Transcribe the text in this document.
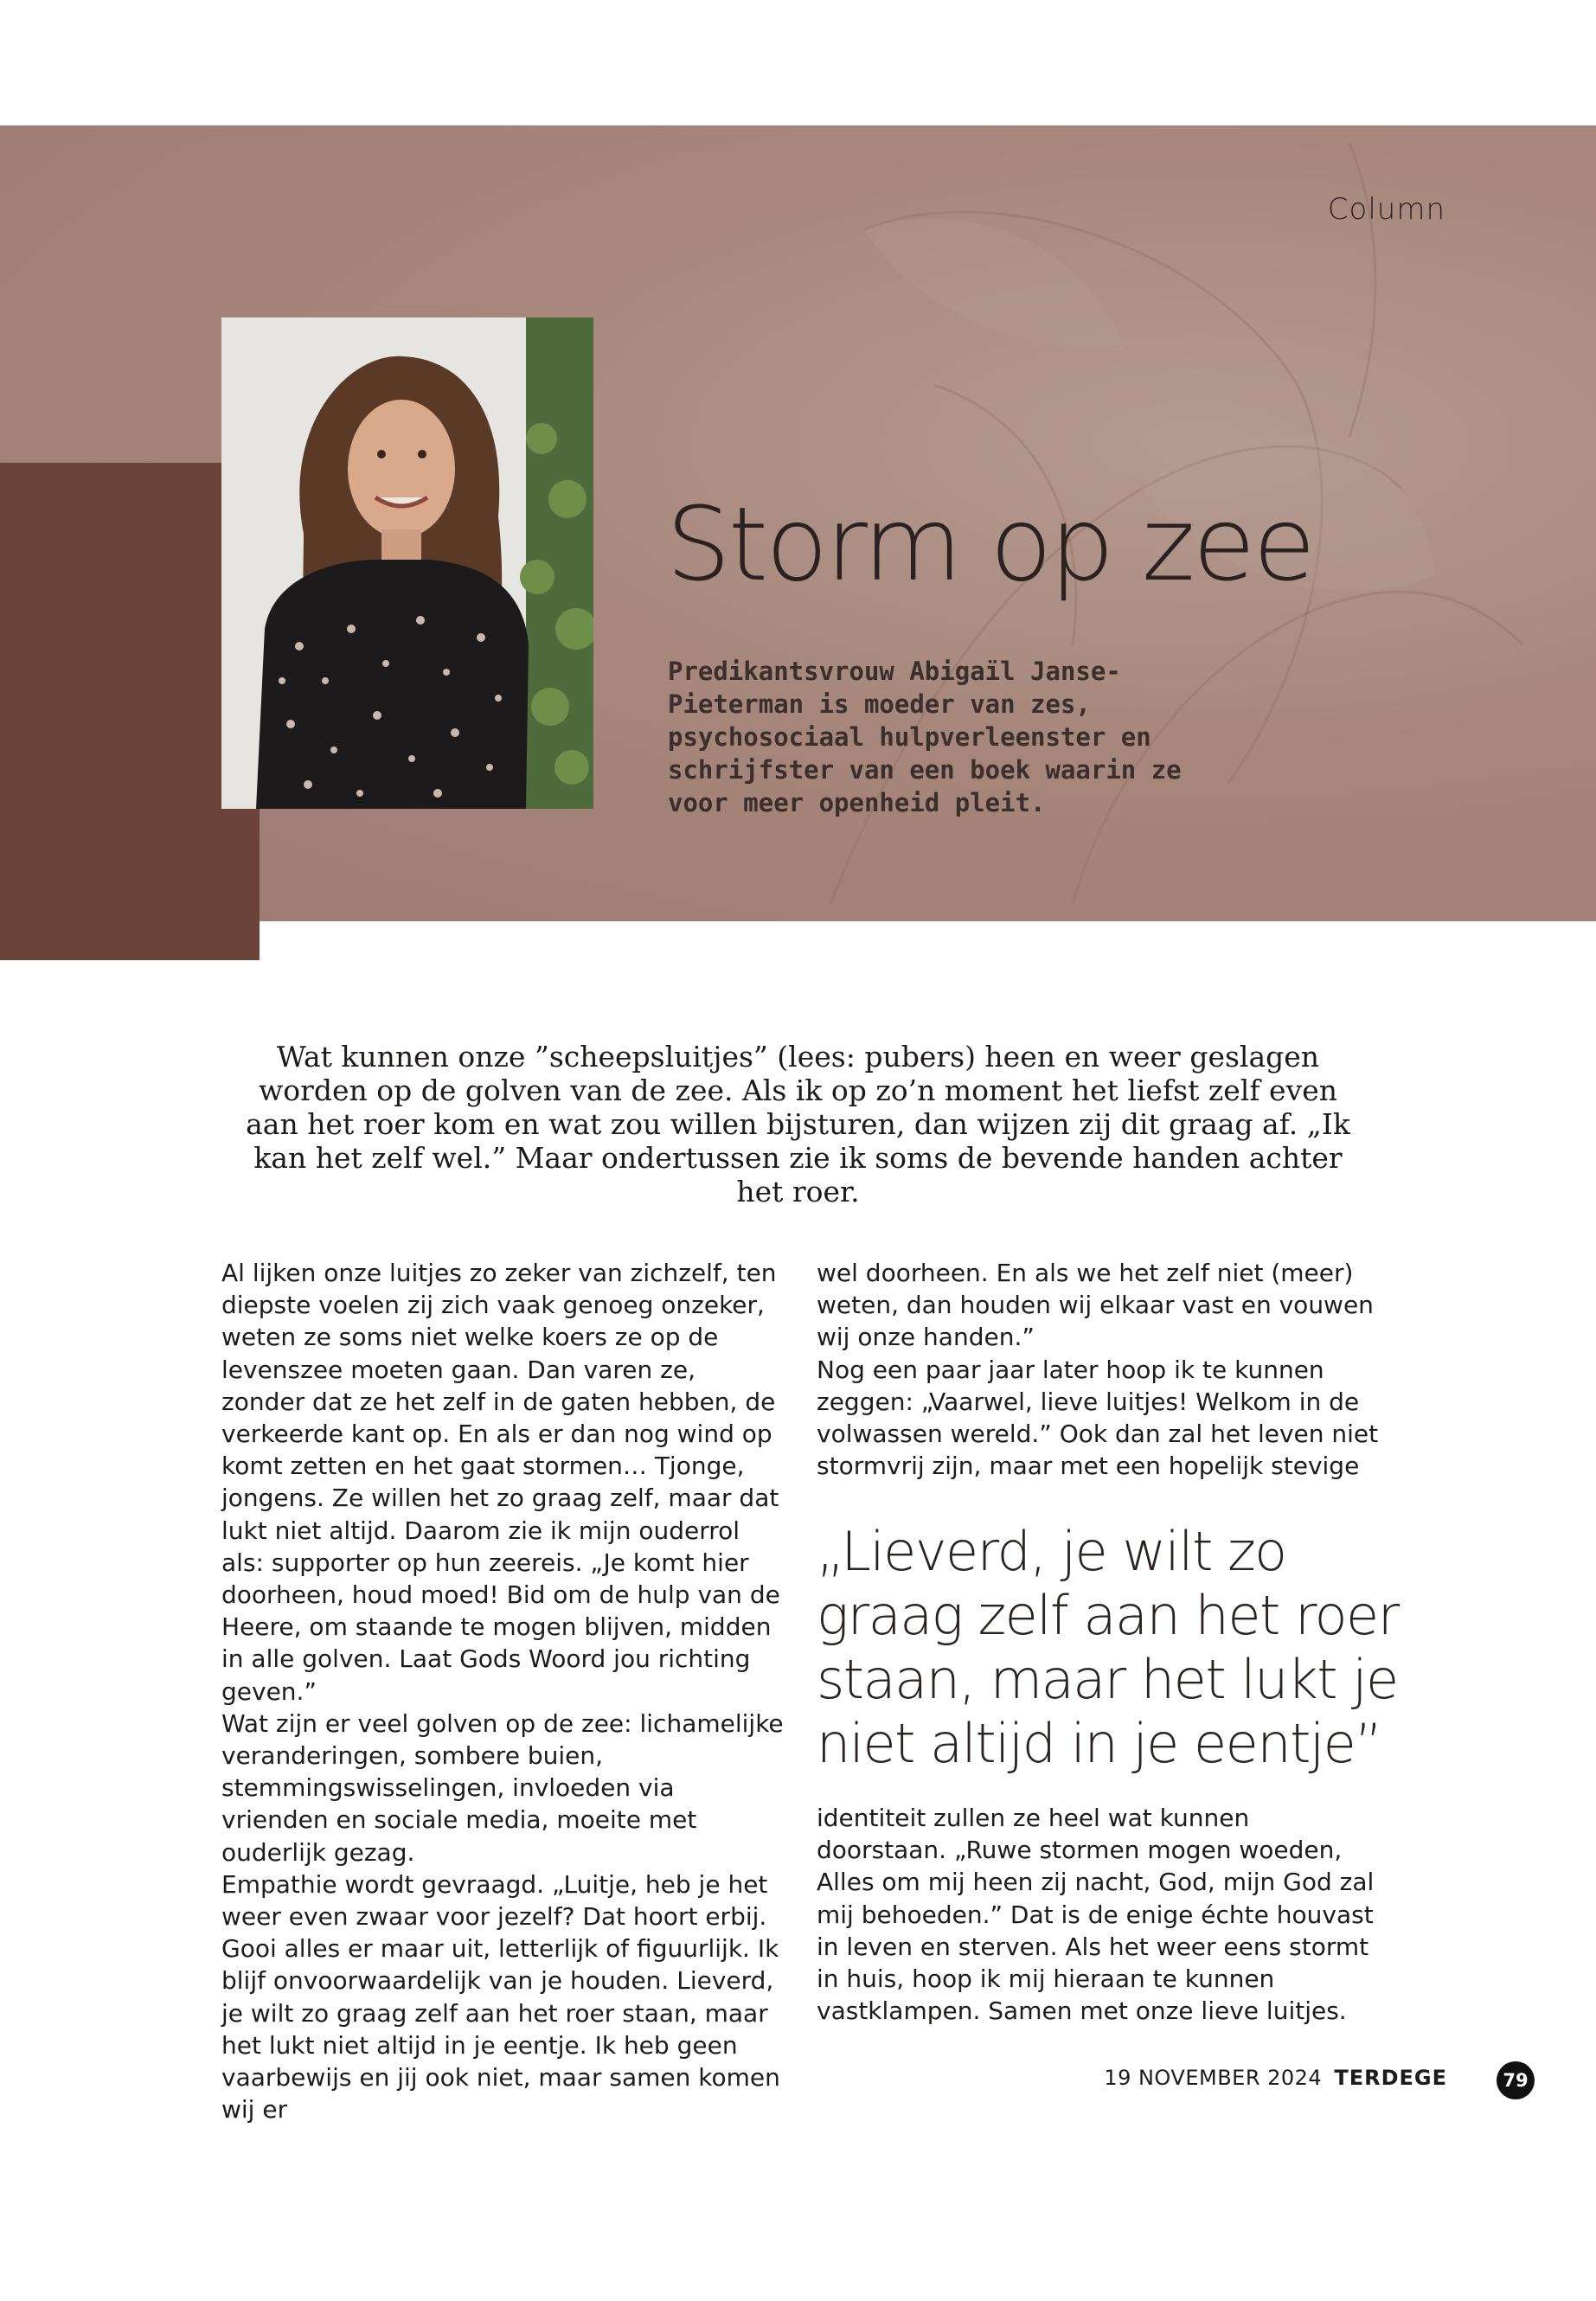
Column
Storm op zee

Predikantsvrouw Abigaïl Janse-Pieterman is moeder van zes, psychosociaal hulpverleenster en schrijfster van een boek waarin ze voor meer openheid pleit.

Wat kunnen onze ”scheepsluitjes” (lees: pubers) heen en weer geslagen worden op de golven van de zee. Als ik op zo’n moment het liefst zelf even aan het roer kom en wat zou willen bijsturen, dan wijzen zij dit graag af. „Ik kan het zelf wel.” Maar ondertussen zie ik soms de bevende handen achter het roer.

Al lijken onze luitjes zo zeker van zichzelf, ten diepste voelen zij zich vaak genoeg onzeker, weten ze soms niet welke koers ze op de levenszee moeten gaan. Dan varen ze, zonder dat ze het zelf in de gaten hebben, de verkeerde kant op. En als er dan nog wind op komt zetten en het gaat stormen… Tjonge, jongens. Ze willen het zo graag zelf, maar dat lukt niet altijd. Daarom zie ik mijn ouderrol als: supporter op hun zeereis. „Je komt hier doorheen, houd moed! Bid om de hulp van de Heere, om staande te mogen blijven, midden in alle golven. Laat Gods Woord jou richting geven.”

Wat zijn er veel golven op de zee: lichamelijke veranderingen, sombere buien, stemmingswisselingen, invloeden via vrienden en sociale media, moeite met ouderlijk gezag.

Empathie wordt gevraagd. „Luitje, heb je het weer even zwaar voor jezelf? Dat hoort erbij. Gooi alles er maar uit, letterlijk of figuurlijk. Ik blijf onvoorwaardelijk van je houden. Lieverd, je wilt zo graag zelf aan het roer staan, maar het lukt niet altijd in je eentje. Ik heb geen vaarbewijs en jij ook niet, maar samen komen wij er

wel doorheen. En als we het zelf niet (meer) weten, dan houden wij elkaar vast en vouwen wij onze handen.”

Nog een paar jaar later hoop ik te kunnen zeggen: „Vaarwel, lieve luitjes! Welkom in de volwassen wereld.” Ook dan zal het leven niet stormvrij zijn, maar met een hopelijk stevige

„Lieverd, je wilt zo graag zelf aan het roer staan, maar het lukt je niet altijd in je eentje”

identiteit zullen ze heel wat kunnen doorstaan. „Ruwe stormen mogen woeden, Alles om mij heen zij nacht, God, mijn God zal mij behoeden.” Dat is de enige échte houvast in leven en sterven. Als het weer eens stormt in huis, hoop ik mij hieraan te kunnen vastklampen. Samen met onze lieve luitjes.

19 NOVEMBER 2024 TERDEGE	79
